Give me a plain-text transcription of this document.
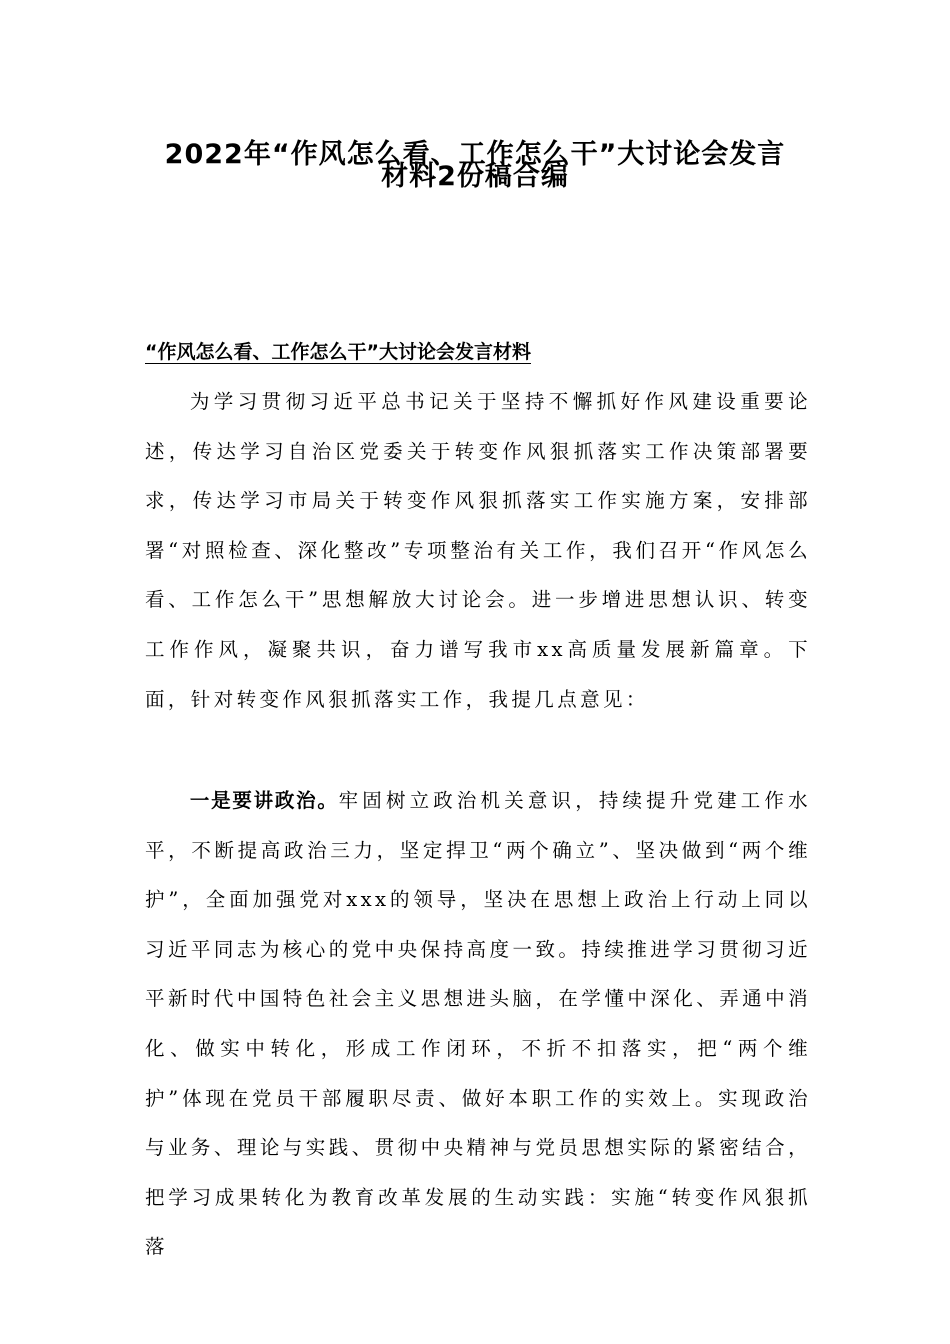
2022年“作风怎么看、工作怎么干”大讨论会发言
材料2份稿合编
“作风怎么看、工作怎么干”大讨论会发言材料

为学习贯彻习近平总书记关于坚持不懈抓好作风建设重要论述，传达学习自治区党委关于转变作风狠抓落实工作决策部署要求，传达学习市局关于转变作风狠抓落实工作实施方案，安排部署“对照检查、深化整改”专项整治有关工作，我们召开“作风怎么看、工作怎么干”思想解放大讨论会。进一步增进思想认识、转变工作作风，凝聚共识，奋力谱写我市xx高质量发展新篇章。下面，针对转变作风狠抓落实工作，我提几点意见：

一是要讲政治。牢固树立政治机关意识，持续提升党建工作水平，不断提高政治三力，坚定捍卫“两个确立”、坚决做到“两个维护”，全面加强党对xxx的领导，坚决在思想上政治上行动上同以习近平同志为核心的党中央保持高度一致。持续推进学习贯彻习近平新时代中国特色社会主义思想进头脑，在学懂中深化、弄通中消化、做实中转化，形成工作闭环，不折不扣落实，把“两个维护”体现在党员干部履职尽责、做好本职工作的实效上。实现政治与业务、理论与实践、贯彻中央精神与党员思想实际的紧密结合，把学习成果转化为教育改革发展的生动实践：实施“转变作风狠抓落
